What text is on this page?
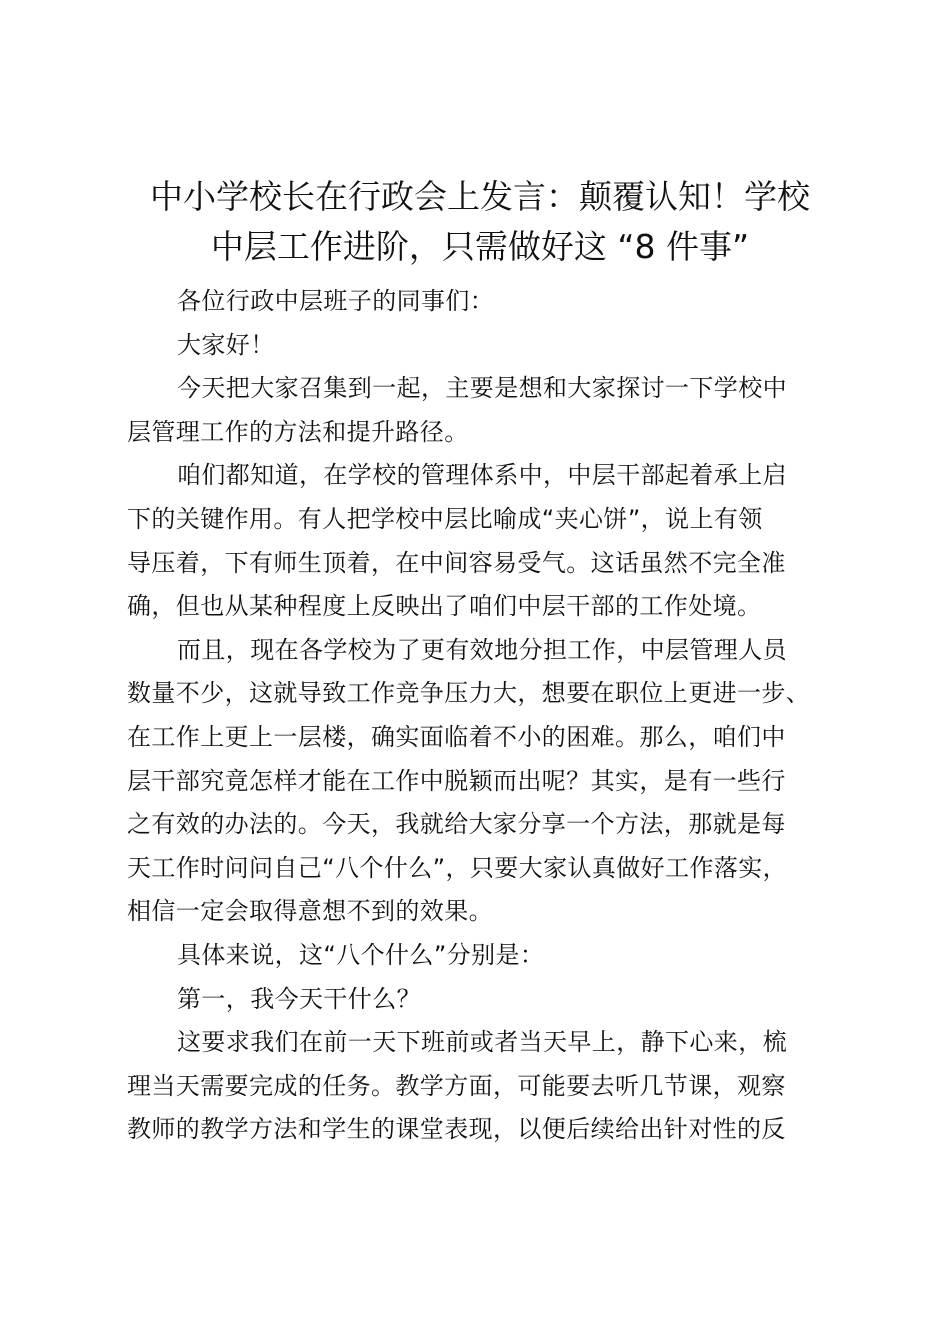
中小学校长在行政会上发言：颠覆认知！学校
中层工作进阶，只需做好这 “8 件事”
各位行政中层班子的同事们：
大家好！
今天把大家召集到一起，主要是想和大家探讨一下学校中
层管理工作的方法和提升路径。
咱们都知道，在学校的管理体系中，中层干部起着承上启
下的关键作用。有人把学校中层比喻成“夹心饼”，说上有领
导压着，下有师生顶着，在中间容易受气。这话虽然不完全准
确，但也从某种程度上反映出了咱们中层干部的工作处境。
而且，现在各学校为了更有效地分担工作，中层管理人员
数量不少，这就导致工作竞争压力大，想要在职位上更进一步、
在工作上更上一层楼，确实面临着不小的困难。那么，咱们中
层干部究竟怎样才能在工作中脱颖而出呢？其实，是有一些行
之有效的办法的。今天，我就给大家分享一个方法，那就是每
天工作时问问自己“八个什么”，只要大家认真做好工作落实，
相信一定会取得意想不到的效果。
具体来说，这“八个什么”分别是：
第一，我今天干什么？
这要求我们在前一天下班前或者当天早上，静下心来，梳
理当天需要完成的任务。教学方面，可能要去听几节课，观察
教师的教学方法和学生的课堂表现，以便后续给出针对性的反
